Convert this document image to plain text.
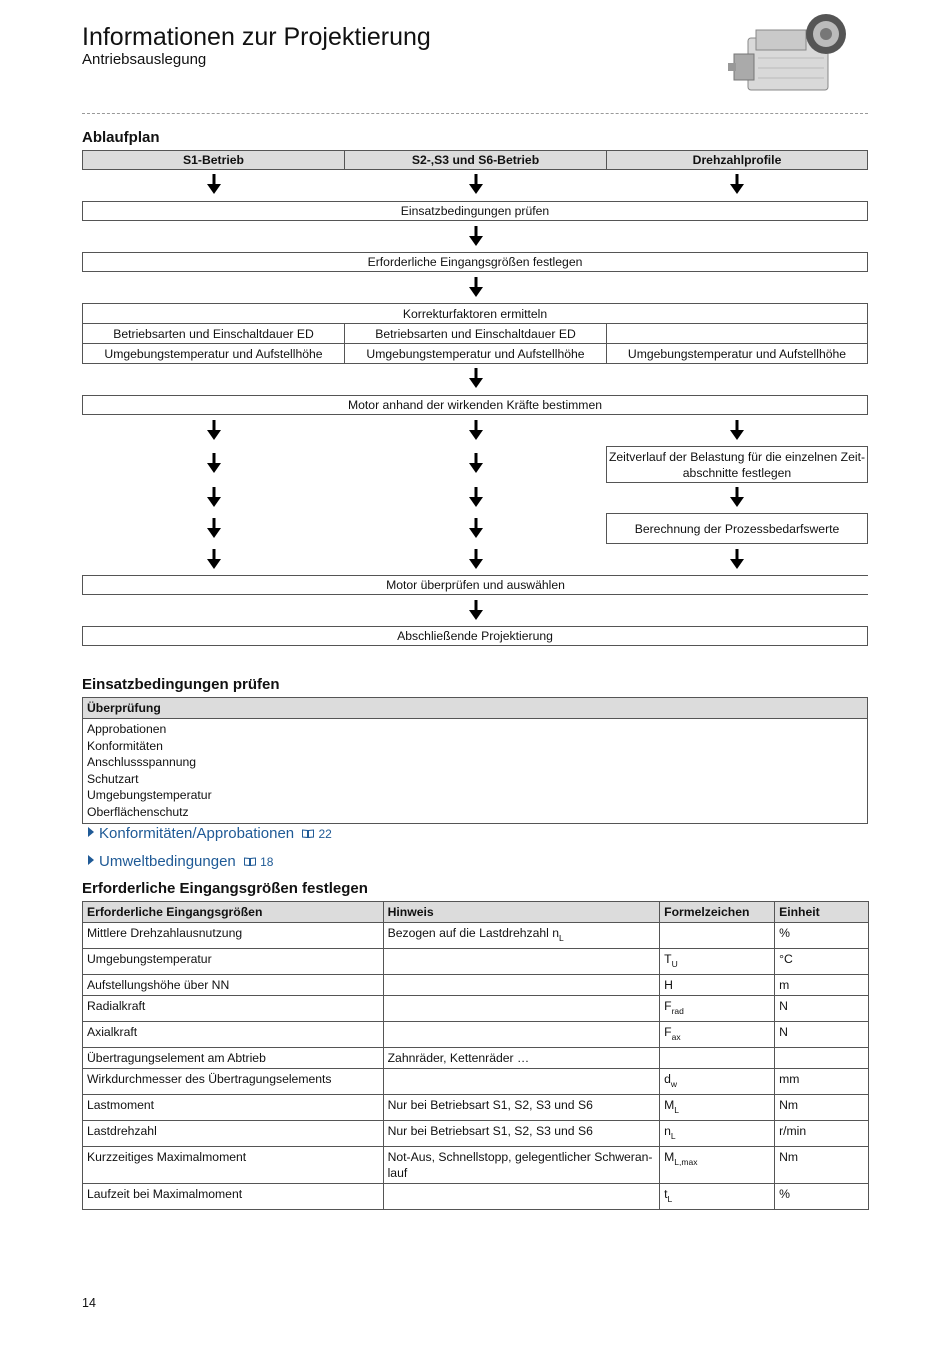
Informationen zur Projektierung
Antriebsauslegung
Ablaufplan
S1-Betrieb	S2-,S3 und S6-Betrieb	Drehzahlprofile
Einsatzbedingungen prüfen
Erforderliche Eingangsgrößen festlegen
Korrekturfaktoren ermitteln
Betriebsarten und Einschaltdauer ED	Betriebsarten und Einschaltdauer ED
Umgebungstemperatur und Aufstellhöhe	Umgebungstemperatur und Aufstellhöhe	Umgebungstemperatur und Aufstellhöhe
Motor anhand der wirkenden Kräfte bestimmen
Zeitverlauf der Belastung für die einzelnen Zeit-
abschnitte festlegen
Berechnung der Prozessbedarfswerte
Motor überprüfen und auswählen
Abschließende Projektierung
Einsatzbedingungen prüfen
Überprüfung
Approbationen
Konformitäten
Anschlussspannung
Schutzart
Umgebungstemperatur
Oberflächenschutz
Konformitäten/Approbationen 22
Umweltbedingungen 18
Erforderliche Eingangsgrößen festlegen
Erforderliche Eingangsgrößen	Hinweis	Formelzeichen	Einheit
Mittlere Drehzahlausnutzung	Bezogen auf die Lastdrehzahl $n_L$		%
Umgebungstemperatur		$T_U$	°C
Aufstellungshöhe über NN		H	m
Radialkraft		$F_{rad}$	N
Axialkraft		$F_{ax}$	N
Übertragungselement am Abtrieb	Zahnräder, Kettenräder …		
Wirkdurchmesser des Übertragungselements		$d_w$	mm
Lastmoment	Nur bei Betriebsart S1, S2, S3 und S6	$M_L$	Nm
Lastdrehzahl	Nur bei Betriebsart S1, S2, S3 und S6	$n_L$	r/min
Kurzzeitiges Maximalmoment	Not-Aus, Schnellstopp, gelegentlicher Schweran-lauf	$M_{L,max}$	Nm
Laufzeit bei Maximalmoment		$t_L$	%
14
